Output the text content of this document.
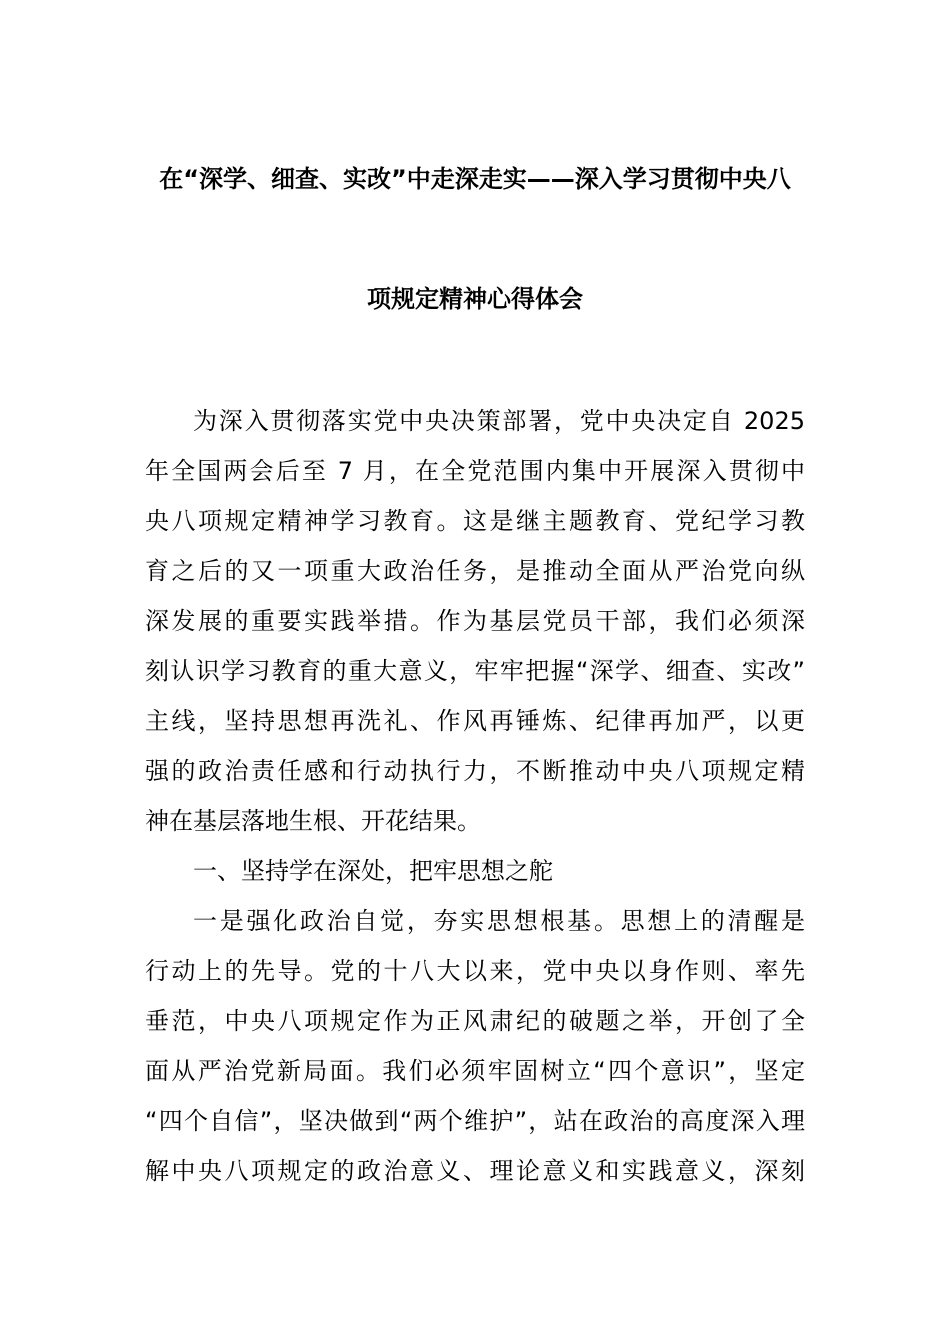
在“深学、细查、实改”中走深走实——深入学习贯彻中央八
项规定精神心得体会
为深入贯彻落实党中央决策部署，党中央决定自 2025
年全国两会后至 7 月，在全党范围内集中开展深入贯彻中
央八项规定精神学习教育。这是继主题教育、党纪学习教
育之后的又一项重大政治任务，是推动全面从严治党向纵
深发展的重要实践举措。作为基层党员干部，我们必须深
刻认识学习教育的重大意义，牢牢把握“深学、细查、实改”
主线，坚持思想再洗礼、作风再锤炼、纪律再加严，以更
强的政治责任感和行动执行力，不断推动中央八项规定精
神在基层落地生根、开花结果。
一、坚持学在深处，把牢思想之舵
一是强化政治自觉，夯实思想根基。思想上的清醒是
行动上的先导。党的十八大以来，党中央以身作则、率先
垂范，中央八项规定作为正风肃纪的破题之举，开创了全
面从严治党新局面。我们必须牢固树立“四个意识”，坚定
“四个自信”，坚决做到“两个维护”，站在政治的高度深入理
解中央八项规定的政治意义、理论意义和实践意义，深刻
